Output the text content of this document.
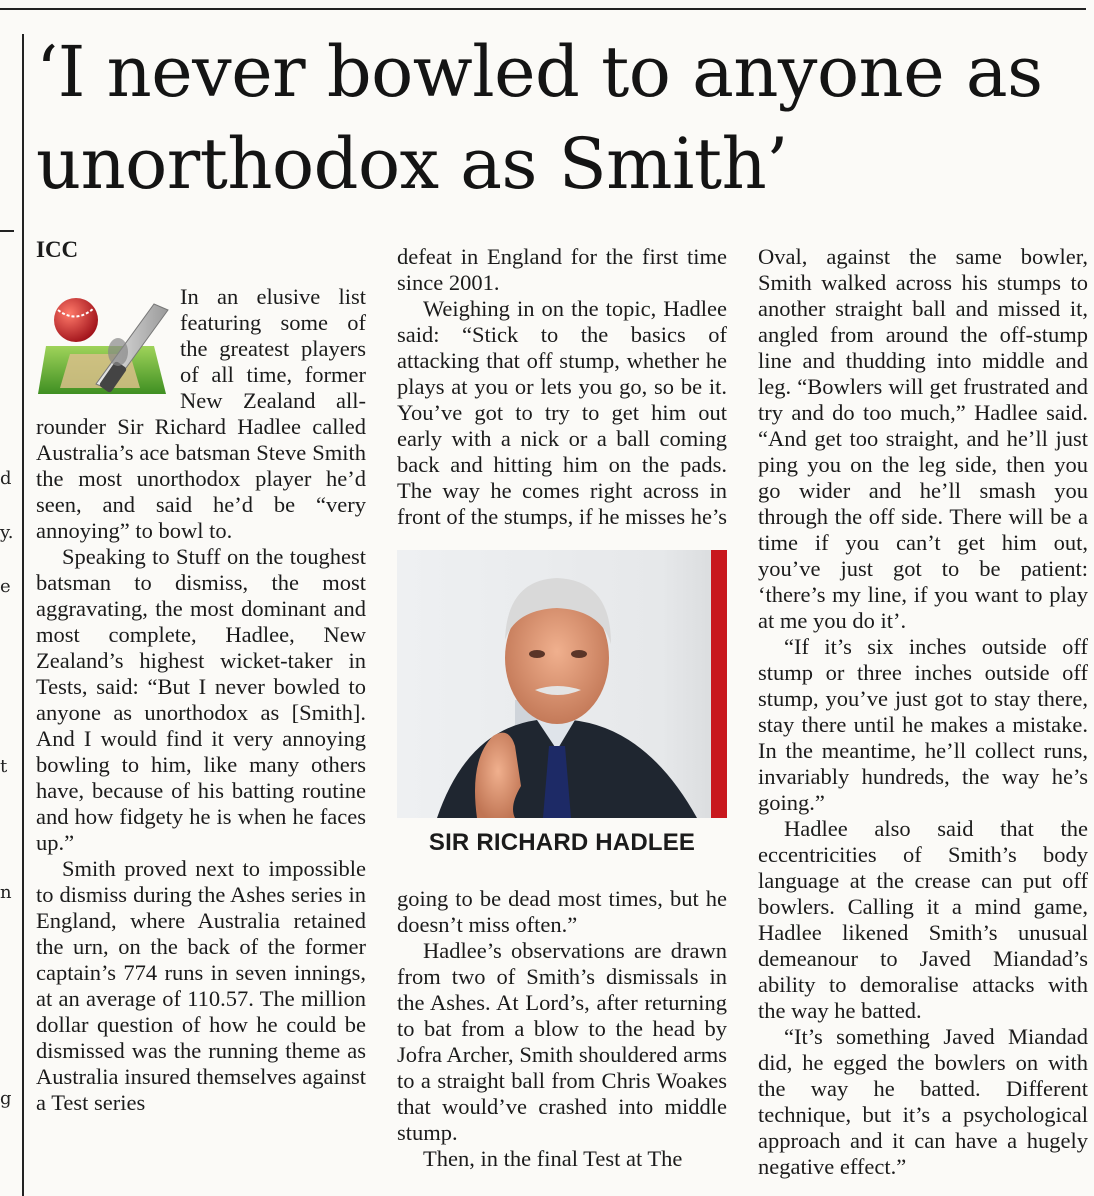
d
y.
e
t
n
g
‘I never bowled to anyone as unorthodox as Smith’
ICC

In an elusive list featuring some of the greatest players of all time, former New Zealand all-rounder Sir Richard Hadlee called Australia’s ace batsman Steve Smith the most unorthodox player he’d seen, and said he’d be “very annoying” to bowl to.

Speaking to Stuff on the toughest batsman to dismiss, the most aggravating, the most dominant and most complete, Hadlee, New Zealand’s highest wicket-taker in Tests, said: “But I never bowled to anyone as unorthodox as [Smith]. And I would find it very annoying bowling to him, like many others have, because of his batting routine and how fidgety he is when he faces up.”

Smith proved next to impossible to dismiss during the Ashes series in England, where Australia retained the urn, on the back of the former captain’s 774 runs in seven innings, at an average of 110.57. The million dollar question of how he could be dismissed was the running theme as Australia insured themselves against a Test series

defeat in England for the first time since 2001.

Weighing in on the topic, Hadlee said: “Stick to the basics of attacking that off stump, whether he plays at you or lets you go, so be it. You’ve got to try to get him out early with a nick or a ball coming back and hitting him on the pads. The way he comes right across in front of the stumps, if he misses he’s

SIR RICHARD HADLEE

going to be dead most times, but he doesn’t miss often.”

Hadlee’s observations are drawn from two of Smith’s dismissals in the Ashes. At Lord’s, after returning to bat from a blow to the head by Jofra Archer, Smith shouldered arms to a straight ball from Chris Woakes that would’ve crashed into middle stump.

Then, in the final Test at The

Oval, against the same bowler, Smith walked across his stumps to another straight ball and missed it, angled from around the off-stump line and thudding into middle and leg. “Bowlers will get frustrated and try and do too much,” Hadlee said. “And get too straight, and he’ll just ping you on the leg side, then you go wider and he’ll smash you through the off side. There will be a time if you can’t get him out, you’ve just got to be patient: ‘there’s my line, if you want to play at me you do it’.

“If it’s six inches outside off stump or three inches outside off stump, you’ve just got to stay there, stay there until he makes a mistake. In the meantime, he’ll collect runs, invariably hundreds, the way he’s going.”

Hadlee also said that the eccentricities of Smith’s body language at the crease can put off bowlers. Calling it a mind game, Hadlee likened Smith’s unusual demeanour to Javed Miandad’s ability to demoralise attacks with the way he batted.

“It’s something Javed Miandad did, he egged the bowlers on with the way he batted. Different technique, but it’s a psychological approach and it can have a hugely negative effect.”
